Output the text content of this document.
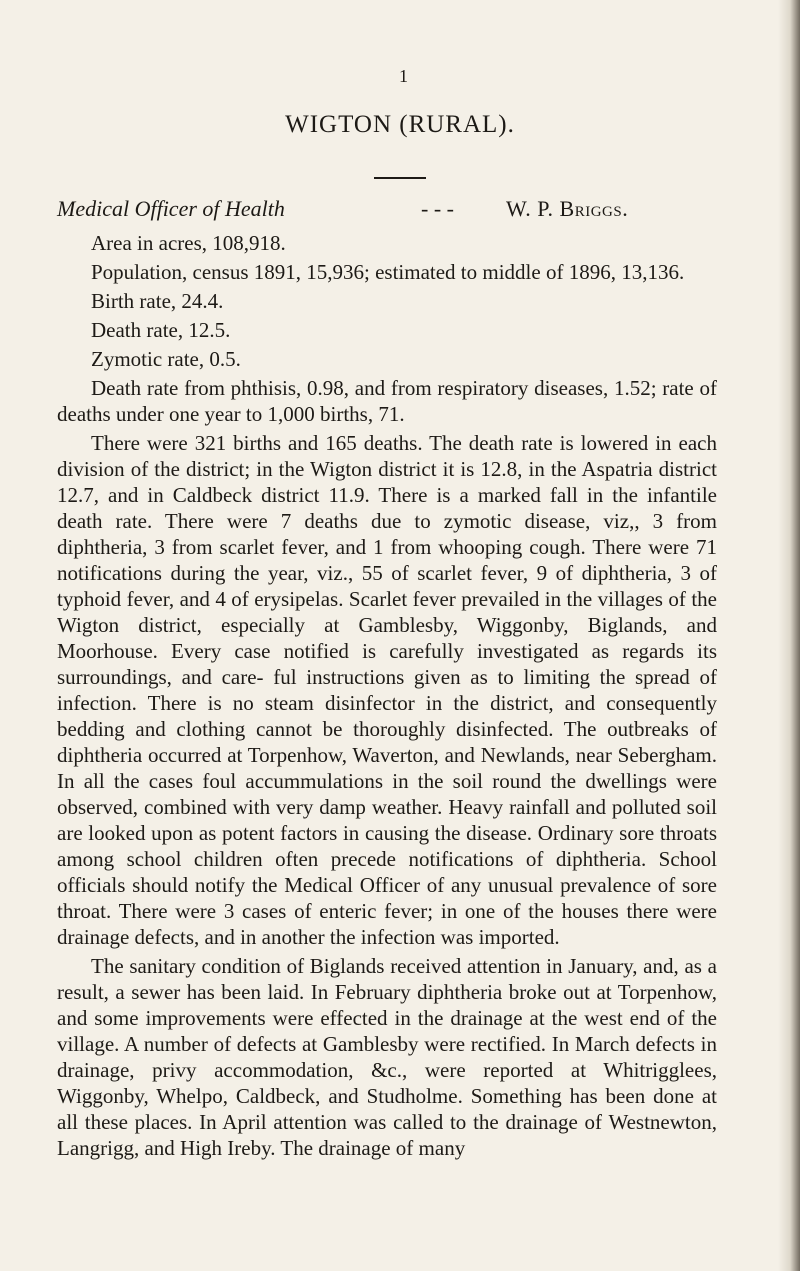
1
WIGTON (RURAL).
Medical Officer of Health	- - - W. P. Briggs.

Area in acres, 108,918.

Population, census 1891, 15,936; estimated to middle of 1896, 13,136.

Birth rate, 24.4.

Death rate, 12.5.

Zymotic rate, 0.5.

Death rate from phthisis, 0.98, and from respiratory diseases, 1.52; rate of deaths under one year to 1,000 births, 71.

There were 321 births and 165 deaths. The death rate is lowered in each division of the district; in the Wigton district it is 12.8, in the Aspatria district 12.7, and in Caldbeck district 11.9. There is a marked fall in the infantile death rate. There were 7 deaths due to zymotic disease, viz,, 3 from diphtheria, 3 from scarlet fever, and 1 from whooping cough. There were 71 notifications during the year, viz., 55 of scarlet fever, 9 of diphtheria, 3 of typhoid fever, and 4 of erysipelas. Scarlet fever prevailed in the villages of the Wigton district, especially at Gamblesby, Wiggonby, Biglands, and Moorhouse. Every case notified is carefully investigated as regards its surroundings, and care- ful instructions given as to limiting the spread of infection. There is no steam disinfector in the district, and consequently bedding and clothing cannot be thoroughly disinfected. The outbreaks of diphtheria occurred at Torpenhow, Waverton, and Newlands, near Sebergham. In all the cases foul accummulations in the soil round the dwellings were observed, combined with very damp weather. Heavy rainfall and polluted soil are looked upon as potent factors in causing the disease. Ordinary sore throats among school children often precede notifications of diphtheria. School officials should notify the Medical Officer of any unusual prevalence of sore throat. There were 3 cases of enteric fever; in one of the houses there were drainage defects, and in another the infection was imported.

The sanitary condition of Biglands received attention in January, and, as a result, a sewer has been laid. In February diphtheria broke out at Torpenhow, and some improvements were effected in the drainage at the west end of the village. A number of defects at Gamblesby were rectified. In March defects in drainage, privy accommodation, &c., were reported at Whitrigglees, Wiggonby, Whelpo, Caldbeck, and Studholme. Something has been done at all these places. In April attention was called to the drainage of Westnewton, Langrigg, and High Ireby. The drainage of many
